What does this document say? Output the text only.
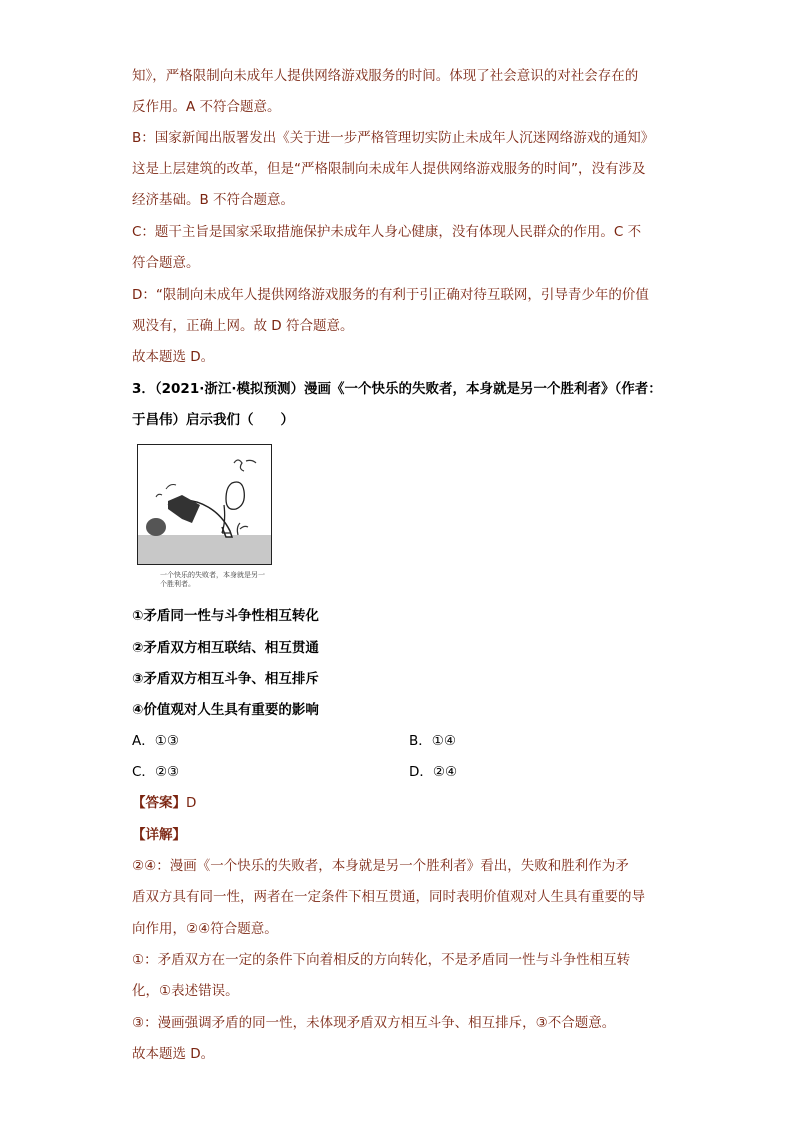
知》，严格限制向未成年人提供网络游戏服务的时间。体现了社会意识的对社会存在的

反作用。A 不符合题意。

B：国家新闻出版署发出《关于进一步严格管理切实防止未成年人沉迷网络游戏的通知》

这是上层建筑的改革，但是“严格限制向未成年人提供网络游戏服务的时间”，没有涉及

经济基础。B 不符合题意。

C：题干主旨是国家采取措施保护未成年人身心健康，没有体现人民群众的作用。C 不

符合题意。

D：“限制向未成年人提供网络游戏服务的有利于引正确对待互联网，引导青少年的价值

观没有，正确上网。故 D 符合题意。

故本题选 D。

3．（2021·浙江·模拟预测）漫画《一个快乐的失败者，本身就是另一个胜利者》（作者：

于昌伟）启示我们（　　）

一个快乐的失败者，本身就是另一个胜利者。

①矛盾同一性与斗争性相互转化

②矛盾双方相互联结、相互贯通

③矛盾双方相互斗争、相互排斥

④价值观对人生具有重要的影响

A．①③	B．①④
C．②③	D．②④
【答案】D
【详解】

②④：漫画《一个快乐的失败者，本身就是另一个胜利者》看出，失败和胜利作为矛

盾双方具有同一性，两者在一定条件下相互贯通，同时表明价值观对人生具有重要的导

向作用，②④符合题意。

①：矛盾双方在一定的条件下向着相反的方向转化，不是矛盾同一性与斗争性相互转

化，①表述错误。

③：漫画强调矛盾的同一性，未体现矛盾双方相互斗争、相互排斥，③不合题意。

故本题选 D。
